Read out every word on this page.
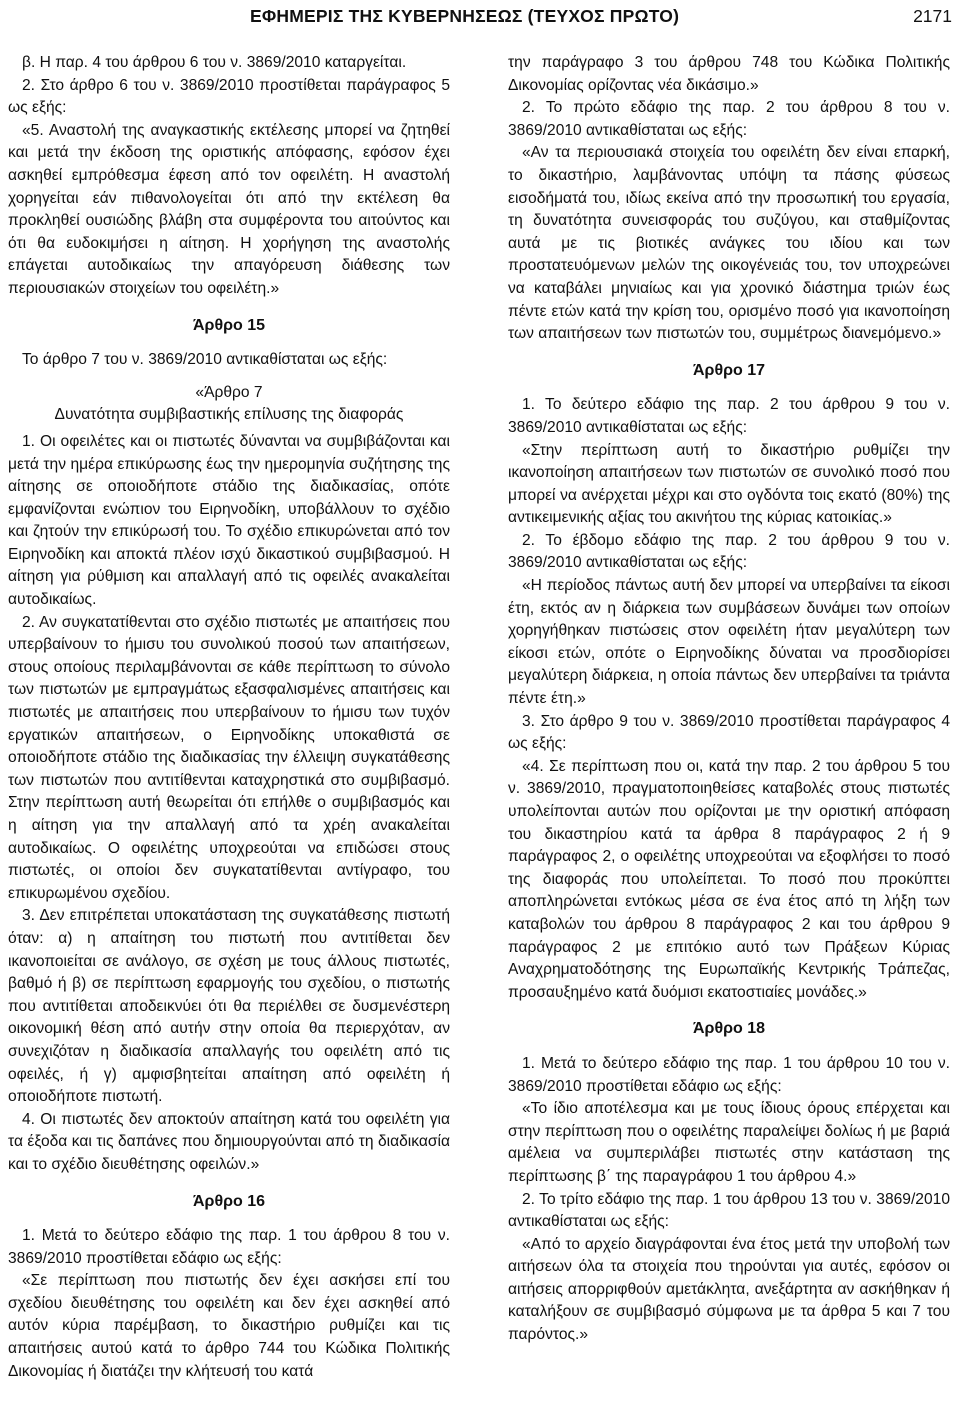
ΕΦΗΜΕΡΙΣ ΤΗΣ ΚΥΒΕΡΝΗΣΕΩΣ (ΤΕΥΧΟΣ ΠΡΩΤΟ)	2171

β. Η παρ. 4 του άρθρου 6 του ν. 3869/2010 καταργείται.

2. Στο άρθρο 6 του ν. 3869/2010 προστίθεται παράγραφος 5 ως εξής:

«5. Αναστολή της αναγκαστικής εκτέλεσης μπορεί να ζητηθεί και μετά την έκδοση της οριστικής απόφασης, εφόσον έχει ασκηθεί εμπρόθεσμα έφεση από τον οφειλέτη. Η αναστολή χορηγείται εάν πιθανολογείται ότι από την εκτέλεση θα προκληθεί ουσιώδης βλάβη στα συμφέροντα του αιτούντος και ότι θα ευδοκιμήσει η αίτηση. Η χορήγηση της αναστολής επάγεται αυτοδικαίως την απαγόρευση διάθεσης των περιουσιακών στοιχείων του οφειλέτη.»

Άρθρο 15

Το άρθρο 7 του ν. 3869/2010 αντικαθίσταται ως εξής:

«Άρθρο 7

Δυνατότητα συμβιβαστικής επίλυσης της διαφοράς

1. Οι οφειλέτες και οι πιστωτές δύνανται να συμβιβάζονται και μετά την ημέρα επικύρωσης έως την ημερομηνία συζήτησης της αίτησης σε οποιοδήποτε στάδιο της διαδικασίας, οπότε εμφανίζονται ενώπιον του Ειρηνοδίκη, υποβάλλουν το σχέδιο και ζητούν την επικύρωσή του. Το σχέδιο επικυρώνεται από τον Ειρηνοδίκη και αποκτά πλέον ισχύ δικαστικού συμβιβασμού. Η αίτηση για ρύθμιση και απαλλαγή από τις οφειλές ανακαλείται αυτοδικαίως.

2. Αν συγκατατίθενται στο σχέδιο πιστωτές με απαιτήσεις που υπερβαίνουν το ήμισυ του συνολικού ποσού των απαιτήσεων, στους οποίους περιλαμβάνονται σε κάθε περίπτωση το σύνολο των πιστωτών με εμπραγμάτως εξασφαλισμένες απαιτήσεις και πιστωτές με απαιτήσεις που υπερβαίνουν το ήμισυ των τυχόν εργατικών απαιτήσεων, ο Ειρηνοδίκης υποκαθιστά σε οποιοδήποτε στάδιο της διαδικασίας την έλλειψη συγκατάθεσης των πιστωτών που αντιτίθενται καταχρηστικά στο συμβιβασμό. Στην περίπτωση αυτή θεωρείται ότι επήλθε ο συμβιβασμός και η αίτηση για την απαλλαγή από τα χρέη ανακαλείται αυτοδικαίως. Ο οφειλέτης υποχρεούται να επιδώσει στους πιστωτές, οι οποίοι δεν συγκατατίθενται αντίγραφο, του επικυρωμένου σχεδίου.

3. Δεν επιτρέπεται υποκατάσταση της συγκατάθεσης πιστωτή όταν: α) η απαίτηση του πιστωτή που αντιτίθεται δεν ικανοποιείται σε ανάλογο, σε σχέση με τους άλλους πιστωτές, βαθμό ή β) σε περίπτωση εφαρμογής του σχεδίου, ο πιστωτής που αντιτίθεται αποδεικνύει ότι θα περιέλθει σε δυσμενέστερη οικονομική θέση από αυτήν στην οποία θα περιερχόταν, αν συνεχιζόταν η διαδικασία απαλλαγής του οφειλέτη από τις οφειλές, ή γ) αμφισβητείται απαίτηση από οφειλέτη ή οποιοδήποτε πιστωτή.

4. Οι πιστωτές δεν αποκτούν απαίτηση κατά του οφειλέτη για τα έξοδα και τις δαπάνες που δημιουργούνται από τη διαδικασία και το σχέδιο διευθέτησης οφειλών.»

Άρθρο 16

1. Μετά το δεύτερο εδάφιο της παρ. 1 του άρθρου 8 του ν. 3869/2010 προστίθεται εδάφιο ως εξής:

«Σε περίπτωση που πιστωτής δεν έχει ασκήσει επί του σχεδίου διευθέτησης του οφειλέτη και δεν έχει ασκηθεί από αυτόν κύρια παρέμβαση, το δικαστήριο ρυθμίζει και τις απαιτήσεις αυτού κατά το άρθρο 744 του Κώδικα Πολιτικής Δικονομίας ή διατάζει την κλήτευσή του κατά

την παράγραφο 3 του άρθρου 748 του Κώδικα Πολιτικής Δικονομίας ορίζοντας νέα δικάσιμο.»

2. Το πρώτο εδάφιο της παρ. 2 του άρθρου 8 του ν. 3869/2010 αντικαθίσταται ως εξής:

«Αν τα περιουσιακά στοιχεία του οφειλέτη δεν είναι επαρκή, το δικαστήριο, λαμβάνοντας υπόψη τα πάσης φύσεως εισοδήματά του, ιδίως εκείνα από την προσωπική του εργασία, τη δυνατότητα συνεισφοράς του συζύγου, και σταθμίζοντας αυτά με τις βιοτικές ανάγκες του ιδίου και των προστατευόμενων μελών της οικογένειάς του, τον υποχρεώνει να καταβάλει μηνιαίως και για χρονικό διάστημα τριών έως πέντε ετών κατά την κρίση του, ορισμένο ποσό για ικανοποίηση των απαιτήσεων των πιστωτών του, συμμέτρως διανεμόμενο.»

Άρθρο 17

1. Το δεύτερο εδάφιο της παρ. 2 του άρθρου 9 του ν. 3869/2010 αντικαθίσταται ως εξής:

«Στην περίπτωση αυτή το δικαστήριο ρυθμίζει την ικανοποίηση απαιτήσεων των πιστωτών σε συνολικό ποσό που μπορεί να ανέρχεται μέχρι και στο ογδόντα τοις εκατό (80%) της αντικειμενικής αξίας του ακινήτου της κύριας κατοικίας.»

2. Το έβδομο εδάφιο της παρ. 2 του άρθρου 9 του ν. 3869/2010 αντικαθίσταται ως εξής:

«Η περίοδος πάντως αυτή δεν μπορεί να υπερβαίνει τα είκοσι έτη, εκτός αν η διάρκεια των συμβάσεων δυνάμει των οποίων χορηγήθηκαν πιστώσεις στον οφειλέτη ήταν μεγαλύτερη των είκοσι ετών, οπότε ο Ειρηνοδίκης δύναται να προσδιορίσει μεγαλύτερη διάρκεια, η οποία πάντως δεν υπερβαίνει τα τριάντα πέντε έτη.»

3. Στο άρθρο 9 του ν. 3869/2010 προστίθεται παράγραφος 4 ως εξής:

«4. Σε περίπτωση που οι, κατά την παρ. 2 του άρθρου 5 του ν. 3869/2010, πραγματοποιηθείσες καταβολές στους πιστωτές υπολείπονται αυτών που ορίζονται με την οριστική απόφαση του δικαστηρίου κατά τα άρθρα 8 παράγραφος 2 ή 9 παράγραφος 2, ο οφειλέτης υποχρεούται να εξοφλήσει το ποσό της διαφοράς που υπολείπεται. Το ποσό που προκύπτει αποπληρώνεται εντόκως μέσα σε ένα έτος από τη λήξη των καταβολών του άρθρου 8 παράγραφος 2 και του άρθρου 9 παράγραφος 2 με επιτόκιο αυτό των Πράξεων Κύριας Αναχρηματοδότησης της Ευρωπαϊκής Κεντρικής Τράπεζας, προσαυξημένο κατά δυόμισι εκατοστιαίες μονάδες.»

Άρθρο 18

1. Μετά το δεύτερο εδάφιο της παρ. 1 του άρθρου 10 του ν. 3869/2010 προστίθεται εδάφιο ως εξής:

«Το ίδιο αποτέλεσμα και με τους ίδιους όρους επέρχεται και στην περίπτωση που ο οφειλέτης παραλείψει δολίως ή με βαριά αμέλεια να συμπεριλάβει πιστωτές στην κατάσταση της περίπτωσης β΄ της παραγράφου 1 του άρθρου 4.»

2. Το τρίτο εδάφιο της παρ. 1 του άρθρου 13 του ν. 3869/2010 αντικαθίσταται ως εξής:

«Από το αρχείο διαγράφονται ένα έτος μετά την υποβολή των αιτήσεων όλα τα στοιχεία που τηρούνται για αυτές, εφόσον οι αιτήσεις απορριφθούν αμετάκλητα, ανεξάρτητα αν ασκήθηκαν ή καταλήξουν σε συμβιβασμό σύμφωνα με τα άρθρα 5 και 7 του παρόντος.»
